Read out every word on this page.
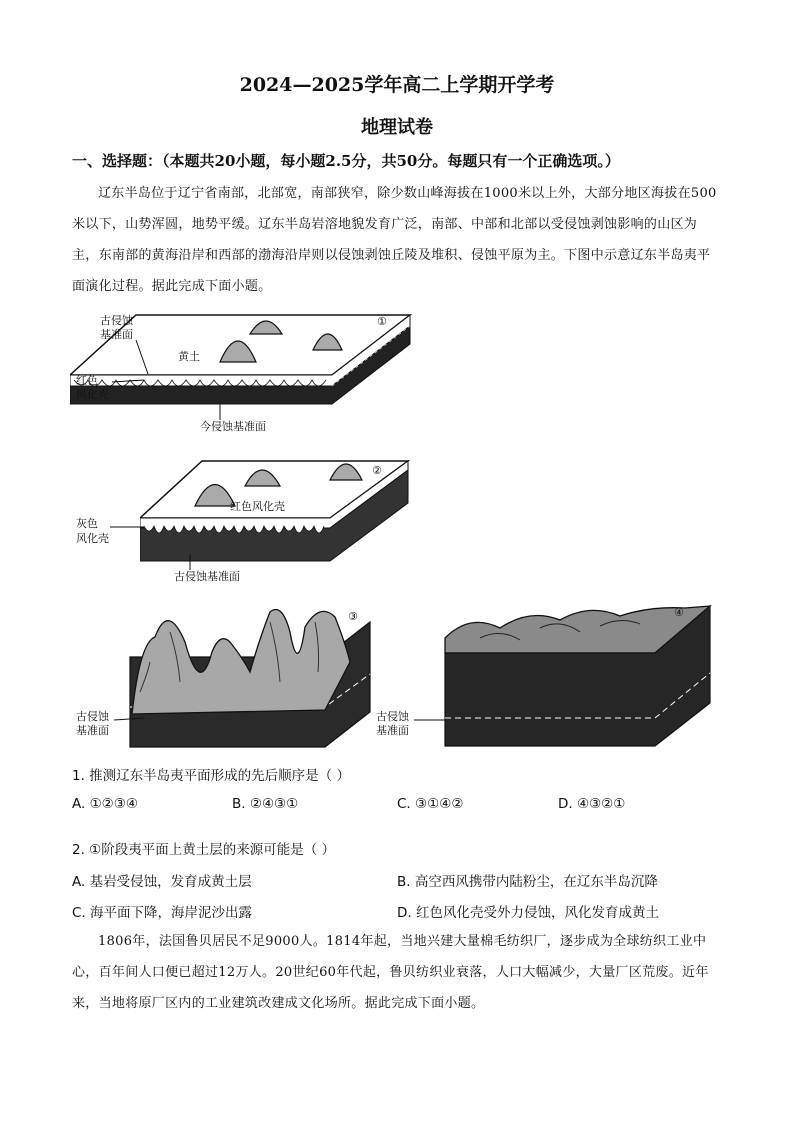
2024—2025学年高二上学期开学考
地理试卷
一、选择题：（本题共20小题，每小题2.5分，共50分。每题只有一个正确选项。）
辽东半岛位于辽宁省南部，北部宽，南部狭窄，除少数山峰海拔在1000米以上外，大部分地区海拔在500米以下，山势浑圆，地势平缓。辽东半岛岩溶地貌发育广泛，南部、中部和北部以受侵蚀剥蚀影响的山区为主，东南部的黄海沿岸和西部的渤海沿岸则以侵蚀剥蚀丘陵及堆积、侵蚀平原为主。下图中示意辽东半岛夷平面演化过程。据此完成下面小题。
①
黄土
今侵蚀基准面
古侵蚀
基准面
红色
风化壳
②
红色风化壳
古侵蚀基准面
灰色
风化壳
③
古侵蚀
基准面
④
古侵蚀
基准面
1. 推测辽东半岛夷平面形成的先后顺序是（ ）
A. ①②③④	B. ②④③①	C. ③①④②	D. ④③②①
2. ①阶段夷平面上黄土层的来源可能是（ ）
A. 基岩受侵蚀，发育成黄土层	B. 高空西风携带内陆粉尘，在辽东半岛沉降
C. 海平面下降，海岸泥沙出露	D. 红色风化壳受外力侵蚀，风化发育成黄土
1806年，法国鲁贝居民不足9000人。1814年起，当地兴建大量棉毛纺织厂，逐步成为全球纺织工业中心，百年间人口便已超过12万人。20世纪60年代起，鲁贝纺织业衰落，人口大幅减少，大量厂区荒废。近年来，当地将原厂区内的工业建筑改建成文化场所。据此完成下面小题。
